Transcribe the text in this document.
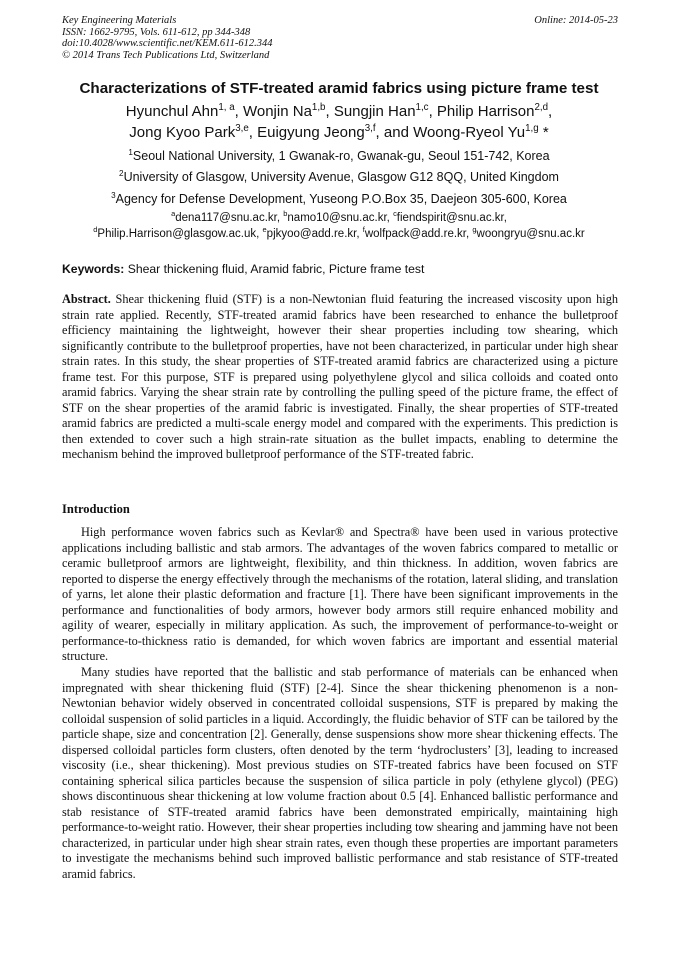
Key Engineering Materials
ISSN: 1662-9795, Vols. 611-612, pp 344-348
doi:10.4028/www.scientific.net/KEM.611-612.344
© 2014 Trans Tech Publications Ltd, Switzerland
Online: 2014-05-23
Characterizations of STF-treated aramid fabrics using picture frame test
Hyunchul Ahn$^{1, a}$, Wonjin Na$^{1,b}$, Sungjin Han$^{1,c}$, Philip Harrison$^{2,d}$,
Jong Kyoo Park$^{3,e}$, Euigyung Jeong$^{3,f}$, and Woong-Ryeol Yu$^{1,g}$ *
$^1$Seoul National University, 1 Gwanak-ro, Gwanak-gu, Seoul 151-742, Korea
$^2$University of Glasgow, University Avenue, Glasgow G12 8QQ, United Kingdom
$^3$Agency for Defense Development, Yuseong P.O.Box 35, Daejeon 305-600, Korea
$^a$dena117@snu.ac.kr, $^b$namo10@snu.ac.kr, $^c$fiendspirit@snu.ac.kr,
$^d$Philip.Harrison@glasgow.ac.uk, $^e$pjkyoo@add.re.kr, $^f$wolfpack@add.re.kr, $^g$woongryu@snu.ac.kr
Keywords: Shear thickening fluid, Aramid fabric, Picture frame test
Abstract. Shear thickening fluid (STF) is a non-Newtonian fluid featuring the increased viscosity upon high strain rate applied. Recently, STF-treated aramid fabrics have been researched to enhance the bulletproof efficiency maintaining the lightweight, however their shear properties including tow shearing, which significantly contribute to the bulletproof properties, have not been characterized, in particular under high shear strain rates. In this study, the shear properties of STF-treated aramid fabrics are characterized using a picture frame test. For this purpose, STF is prepared using polyethylene glycol and silica colloids and coated onto aramid fabrics. Varying the shear strain rate by controlling the pulling speed of the picture frame, the effect of STF on the shear properties of the aramid fabric is investigated. Finally, the shear properties of STF-treated aramid fabrics are predicted a multi-scale energy model and compared with the experiments. This prediction is then extended to cover such a high strain-rate situation as the bullet impacts, enabling to determine the mechanism behind the improved bulletproof performance of the STF-treated fabric.
Introduction
High performance woven fabrics such as Kevlar® and Spectra® have been used in various protective applications including ballistic and stab armors. The advantages of the woven fabrics compared to metallic or ceramic bulletproof armors are lightweight, flexibility, and thin thickness. In addition, woven fabrics are reported to disperse the energy effectively through the mechanisms of the rotation, lateral sliding, and translation of yarns, let alone their plastic deformation and fracture [1]. There have been significant improvements in the performance and functionalities of body armors, however body armors still require enhanced mobility and agility of wearer, especially in military application. As such, the improvement of performance-to-weight or performance-to-thickness ratio is demanded, for which woven fabrics are important and essential material structure.
Many studies have reported that the ballistic and stab performance of materials can be enhanced when impregnated with shear thickening fluid (STF) [2-4]. Since the shear thickening phenomenon is a non-Newtonian behavior widely observed in concentrated colloidal suspensions, STF is prepared by making the colloidal suspension of solid particles in a liquid. Accordingly, the fluidic behavior of STF can be tailored by the particle shape, size and concentration [2]. Generally, dense suspensions show more shear thickening effects. The dispersed colloidal particles form clusters, often denoted by the term ‘hydroclusters’ [3], leading to increased viscosity (i.e., shear thickening). Most previous studies on STF-treated fabrics have been focused on STF containing spherical silica particles because the suspension of silica particle in poly (ethylene glycol) (PEG) shows discontinuous shear thickening at low volume fraction about 0.5 [4]. Enhanced ballistic performance and stab resistance of STF-treated aramid fabrics have been demonstrated empirically, maintaining high performance-to-weight ratio. However, their shear properties including tow shearing and jamming have not been characterized, in particular under high shear strain rates, even though these properties are important parameters to investigate the mechanisms behind such improved ballistic performance and stab resistance of STF-treated aramid fabrics.
